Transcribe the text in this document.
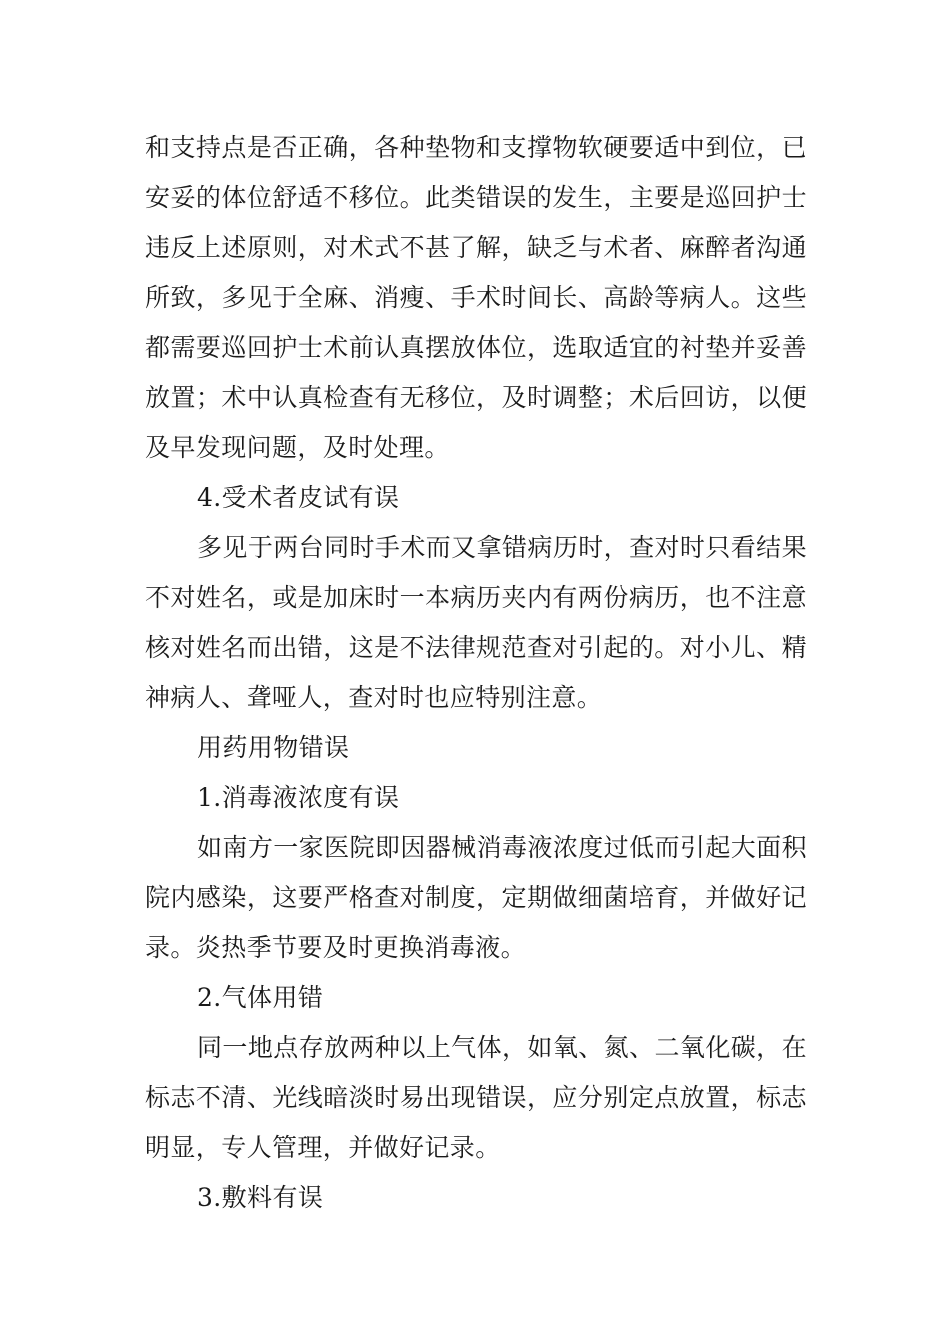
和支持点是否正确，各种垫物和支撑物软硬要适中到位，已安妥的体位舒适不移位。此类错误的发生，主要是巡回护士违反上述原则，对术式不甚了解，缺乏与术者、麻醉者沟通所致，多见于全麻、消瘦、手术时间长、高龄等病人。这些都需要巡回护士术前认真摆放体位，选取适宜的衬垫并妥善放置；术中认真检查有无移位，及时调整；术后回访，以便及早发现问题，及时处理。

4.受术者皮试有误

多见于两台同时手术而又拿错病历时，查对时只看结果不对姓名，或是加床时一本病历夹内有两份病历，也不注意核对姓名而出错，这是不法律规范查对引起的。对小儿、精神病人、聋哑人，查对时也应特别注意。

用药用物错误

1.消毒液浓度有误

如南方一家医院即因器械消毒液浓度过低而引起大面积院内感染，这要严格查对制度，定期做细菌培育，并做好记录。炎热季节要及时更换消毒液。

2.气体用错

同一地点存放两种以上气体，如氧、氮、二氧化碳，在标志不清、光线暗淡时易出现错误，应分别定点放置，标志明显，专人管理，并做好记录。

3.敷料有误
